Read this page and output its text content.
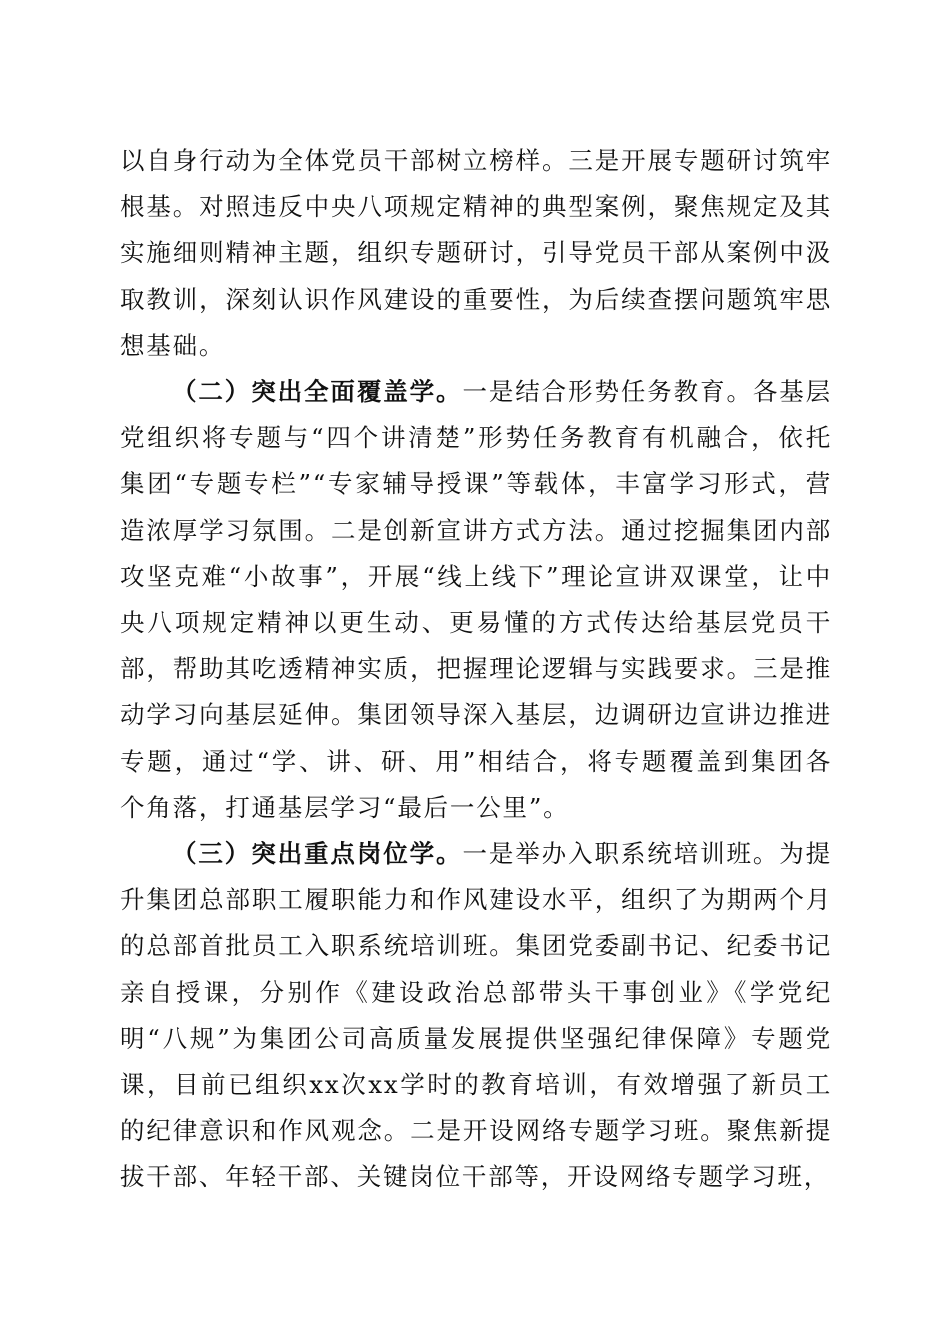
以自身行动为全体党员干部树立榜样。三是开展专题研讨筑牢根基。对照违反中央八项规定精神的典型案例，聚焦规定及其实施细则精神主题，组织专题研讨，引导党员干部从案例中汲取教训，深刻认识作风建设的重要性，为后续查摆问题筑牢思想基础。

（二）突出全面覆盖学。一是结合形势任务教育。各基层党组织将专题与“四个讲清楚”形势任务教育有机融合，依托集团“专题专栏”“专家辅导授课”等载体，丰富学习形式，营造浓厚学习氛围。二是创新宣讲方式方法。通过挖掘集团内部攻坚克难“小故事”，开展“线上线下”理论宣讲双课堂，让中央八项规定精神以更生动、更易懂的方式传达给基层党员干部，帮助其吃透精神实质，把握理论逻辑与实践要求。三是推动学习向基层延伸。集团领导深入基层，边调研边宣讲边推进专题，通过“学、讲、研、用”相结合，将专题覆盖到集团各个角落，打通基层学习“最后一公里”。

（三）突出重点岗位学。一是举办入职系统培训班。为提升集团总部职工履职能力和作风建设水平，组织了为期两个月的总部首批员工入职系统培训班。集团党委副书记、纪委书记亲自授课，分别作《建设政治总部带头干事创业》《学党纪明“八规”为集团公司高质量发展提供坚强纪律保障》专题党课，目前已组织xx次xx学时的教育培训，有效增强了新员工的纪律意识和作风观念。二是开设网络专题学习班。聚焦新提拔干部、年轻干部、关键岗位干部等，开设网络专题学习班，
